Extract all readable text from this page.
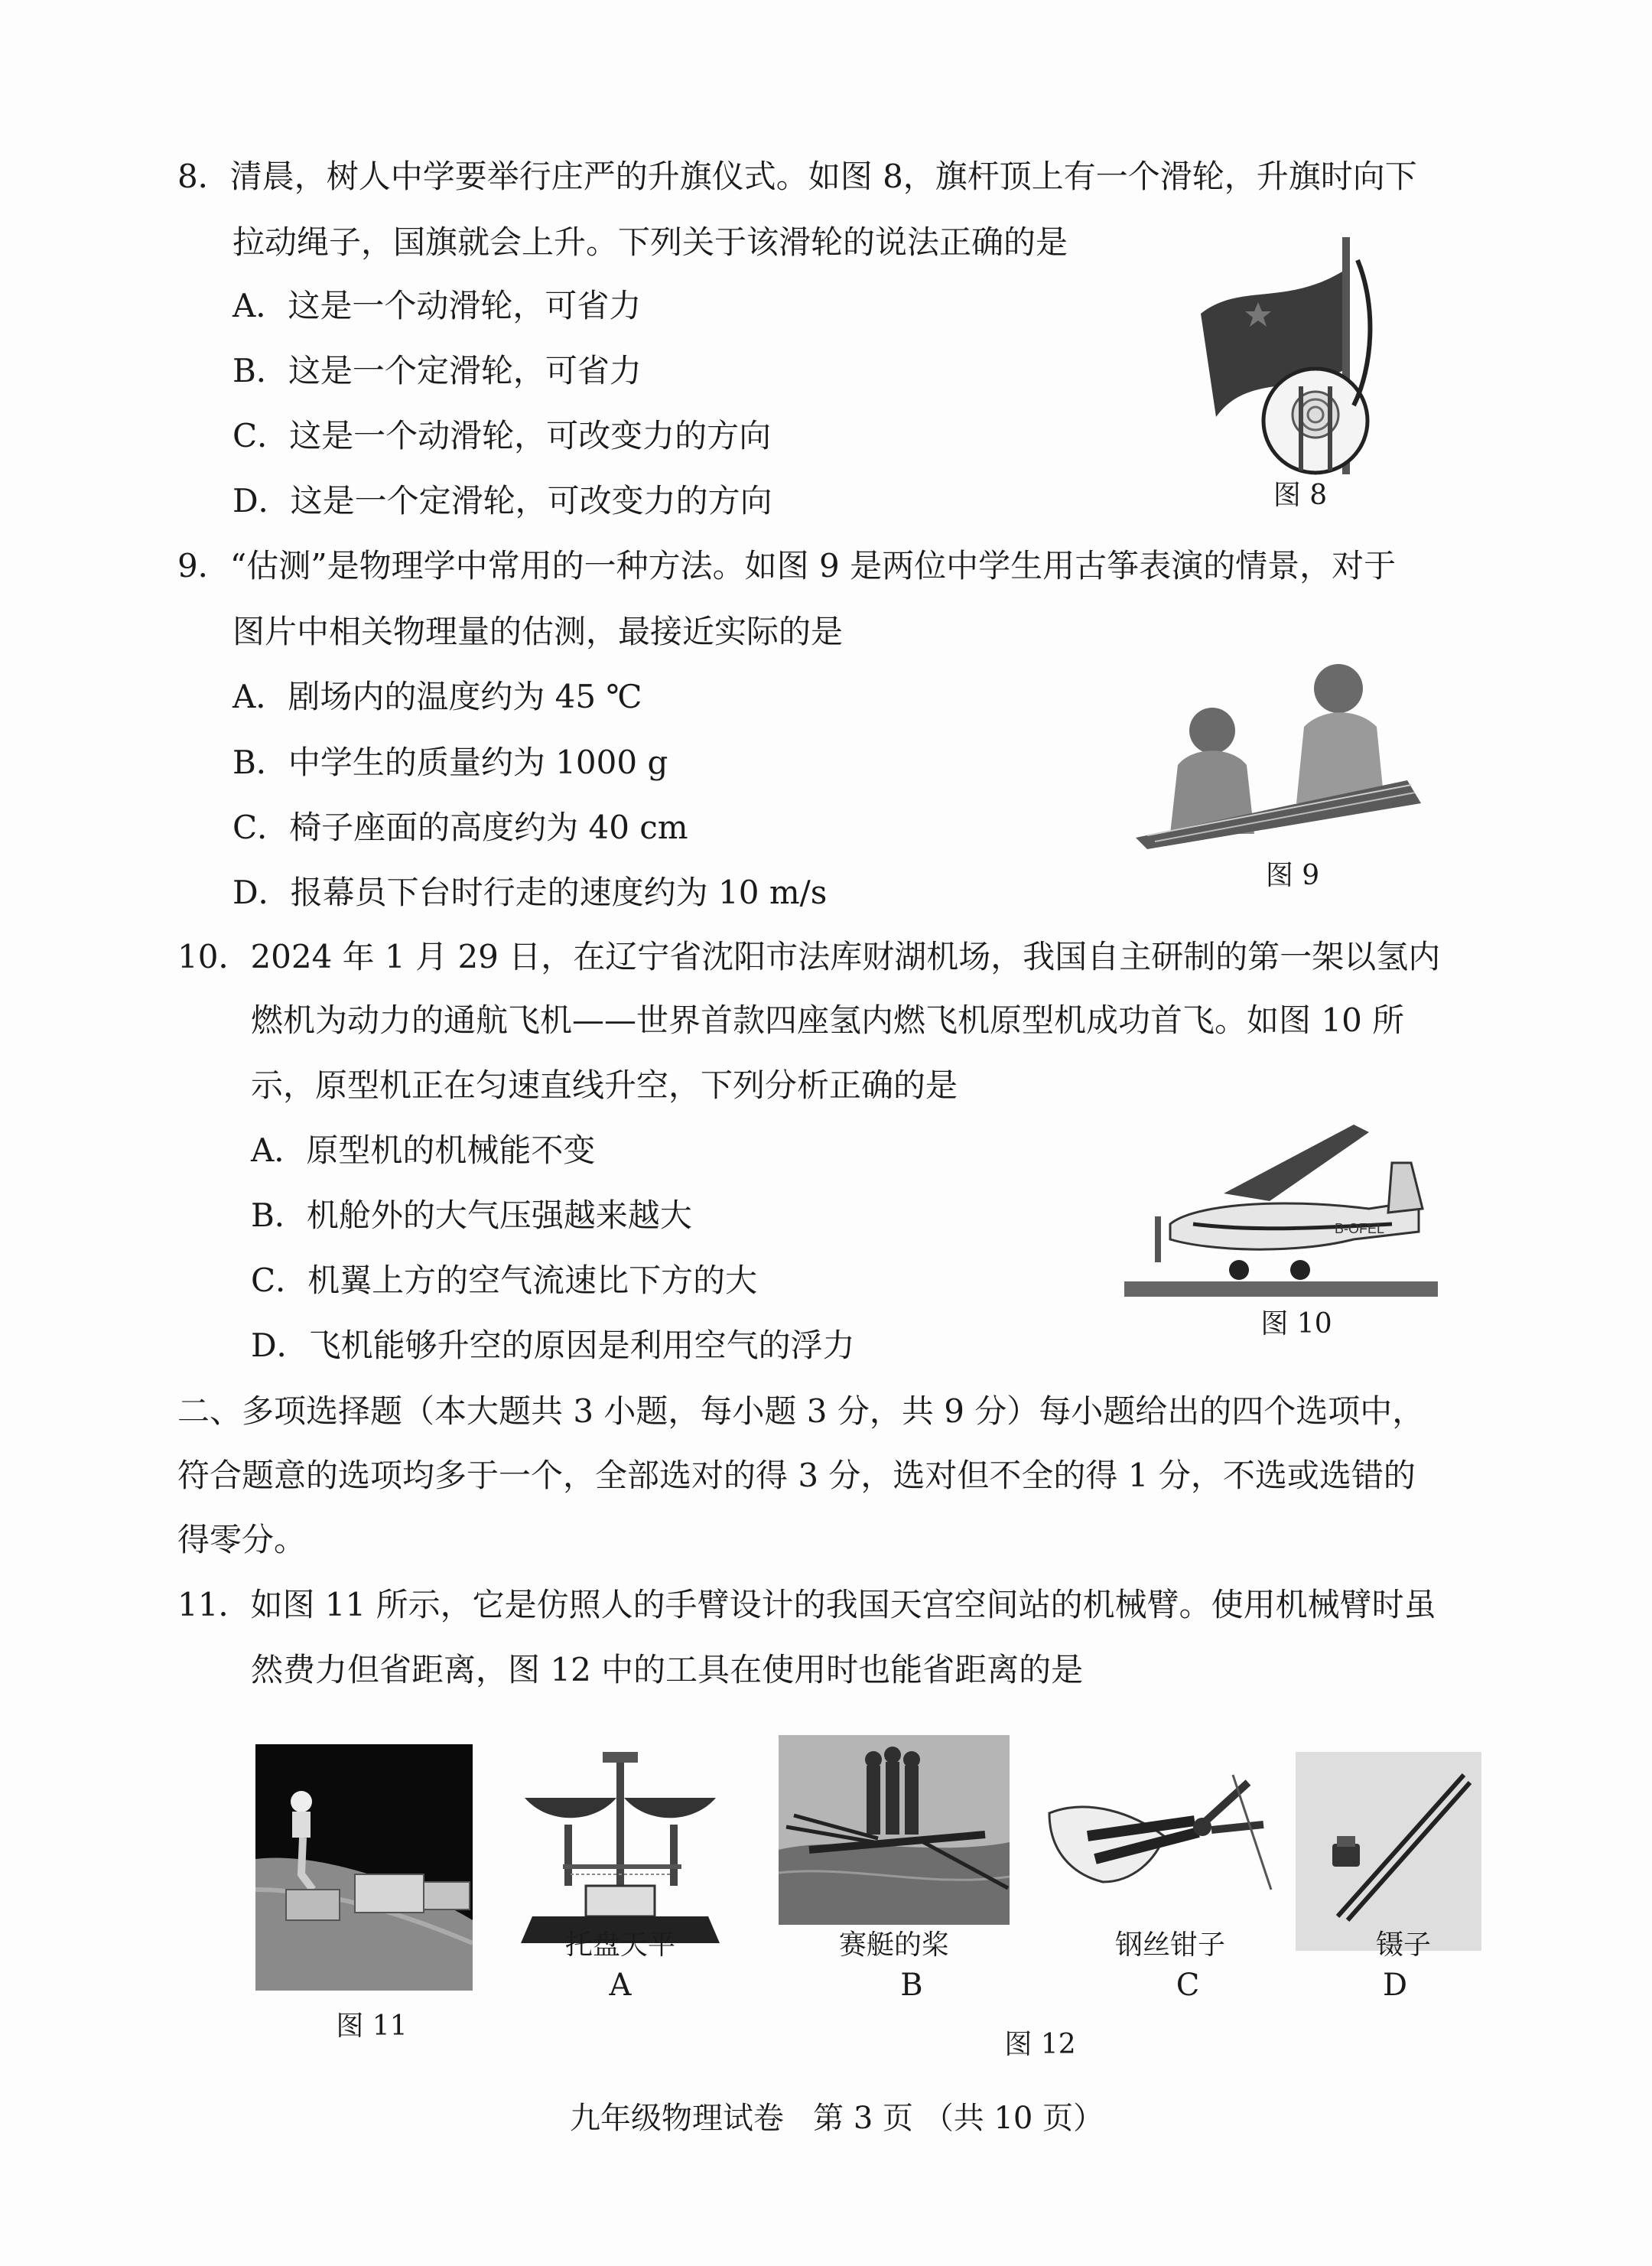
8．清晨，树人中学要举行庄严的升旗仪式。如图 8，旗杆顶上有一个滑轮，升旗时向下
拉动绳子，国旗就会上升。下列关于该滑轮的说法正确的是
A．这是一个动滑轮，可省力
B．这是一个定滑轮，可省力
C．这是一个动滑轮，可改变力的方向
D．这是一个定滑轮，可改变力的方向	图 8
9．“估测”是物理学中常用的一种方法。如图 9 是两位中学生用古筝表演的情景，对于
图片中相关物理量的估测，最接近实际的是
A．剧场内的温度约为 45 ℃
B．中学生的质量约为 1000 g
C．椅子座面的高度约为 40 cm
D．报幕员下台时行走的速度约为 10 m/s	图 9
10．2024 年 1 月 29 日，在辽宁省沈阳市法库财湖机场，我国自主研制的第一架以氢内
燃机为动力的通航飞机——世界首款四座氢内燃飞机原型机成功首飞。如图 10 所
示，原型机正在匀速直线升空，下列分析正确的是
A．原型机的机械能不变
B．机舱外的大气压强越来越大
C．机翼上方的空气流速比下方的大
D．飞机能够升空的原因是利用空气的浮力
B-OFEL
图 10
二、多项选择题（本大题共 3 小题，每小题 3 分，共 9 分）每小题给出的四个选项中，
符合题意的选项均多于一个，全部选对的得 3 分，选对但不全的得 1 分，不选或选错的
得零分。
11．如图 11 所示，它是仿照人的手臂设计的我国天宫空间站的机械臂。使用机械臂时虽
然费力但省距离，图 12 中的工具在使用时也能省距离的是
图 11
托盘天平
A
赛艇的桨
B
钢丝钳子
C
镊子
D
图 12
九年级物理试卷   第 3 页 （共 10 页）
